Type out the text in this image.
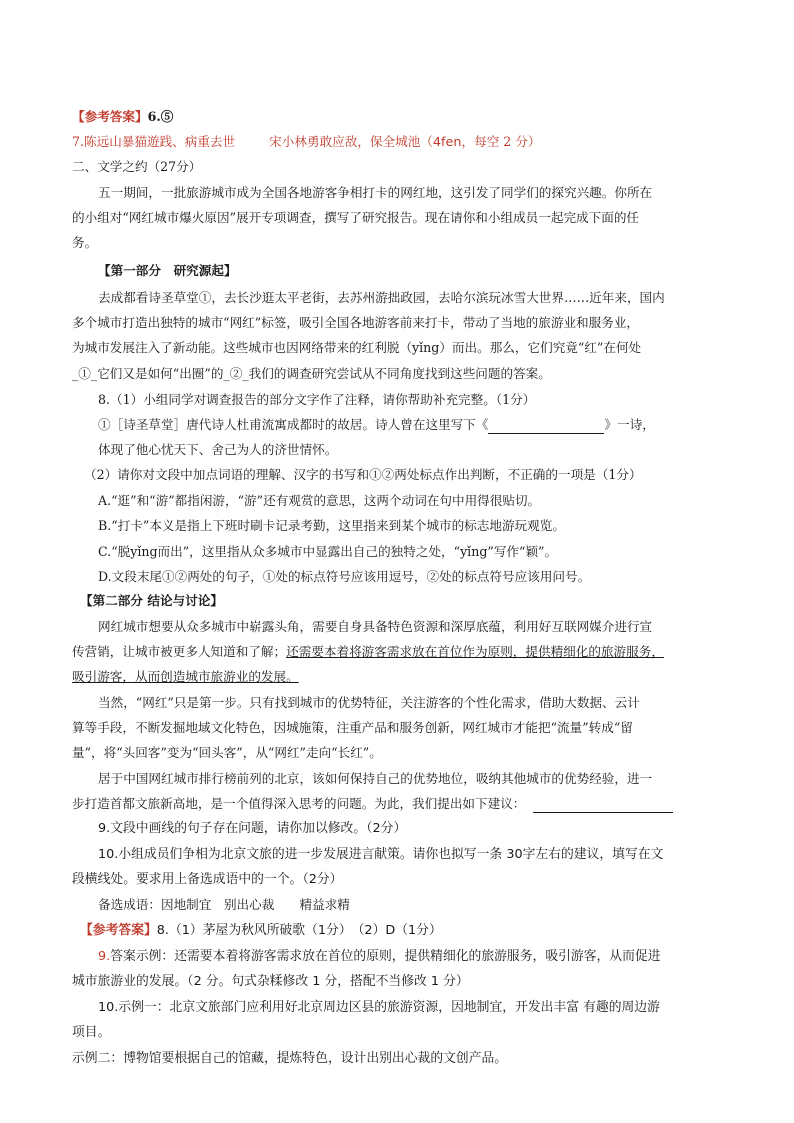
【参考答案】6.⑤
7.陈远山暴猫遊践、病重去世	宋小林勇敢应敌，保全城池（4fen，每空 2 分）
二、文学之约（27分）
五一期间，一批旅游城市成为全国各地游客争相打卡的网红地，这引发了同学们的探究兴趣。你所在
的小组对“网红城市爆火原因”展开专项调查，撰写了研究报告。现在请你和小组成员一起完成下面的任
务。
【第一部分　研究源起】
去成都看诗圣草堂①，去长沙逛太平老街，去苏州游拙政园，去哈尔滨玩冰雪大世界……近年来，国内
多个城市打造出独特的城市“网红”标签，吸引全国各地游客前来打卡，带动了当地的旅游业和服务业，
为城市发展注入了新动能。这些城市也因网络带来的红利脱（yǐng）而出。那么，它们究竟“红”在何处
_①_它们又是如何“出圈”的_②_我们的调查研究尝试从不同角度找到这些问题的答案。
8.（1）小组同学对调查报告的部分文字作了注释，请你帮助补充完整。（1分）
①［诗圣草堂］唐代诗人杜甫流寓成都时的故居。诗人曾在这里写下《	》一诗，
体现了他心忧天下、舍己为人的济世情怀。
（2）请你对文段中加点词语的理解、汉字的书写和①②两处标点作出判断，不正确的一项是（1分）
A.“逛”和“游”都指闲游，“游”还有观赏的意思，这两个动词在句中用得很贴切。
B.“打卡”本义是指上下班时刷卡记录考勤，这里指来到某个城市的标志地游玩观览。
C.“脱yǐng而出”，这里指从众多城市中显露出自己的独特之处，“yǐng”写作“颖”。
D.文段末尾①②两处的句子，①处的标点符号应该用逗号，②处的标点符号应该用问号。
【第二部分 结论与讨论】
网红城市想要从众多城市中崭露头角，需要自身具备特色资源和深厚底蕴，利用好互联网媒介进行宣
传营销，让城市被更多人知道和了解；还需要本着将游客需求放在首位作为原则，提供精细化的旅游服务，
吸引游客，从而创造城市旅游业的发展。
当然，“网红”只是第一步。只有找到城市的优势特征，关注游客的个性化需求，借助大数据、云计
算等手段，不断发掘地域文化特色，因城施策，注重产品和服务创新，网红城市才能把“流量”转成“留
量”，将“头回客”变为“回头客”，从“网红”走向“长红”。
居于中国网红城市排行榜前列的北京，该如何保持自己的优势地位，吸纳其他城市的优势经验，进一
步打造首都文旅新高地，是一个值得深入思考的问题。为此，我们提出如下建议：
9.文段中画线的句子存在问题，请你加以修改。（2分）
10.小组成员们争相为北京文旅的进一步发展进言献策。请你也拟写一条 30字左右的建议，填写在文
段横线处。要求用上备选成语中的一个。（2分）
备选成语：因地制宜　别出心裁　　精益求精
【参考答案】8.（1）茅屋为秋风所破歌（1分）　（2）D（1分）
9.答案示例：还需要本着将游客需求放在首位的原则，提供精细化的旅游服务，吸引游客，从而促进
城市旅游业的发展。（2 分。句式杂糅修改 1 分，搭配不当修改 1 分）
10.示例一：北京文旅部门应利用好北京周边区县的旅游资源，因地制宜，开发出丰富 有趣的周边游
项目。
示例二：博物馆要根据自己的馆藏，提炼特色，设计出别出心裁的文创产品。
